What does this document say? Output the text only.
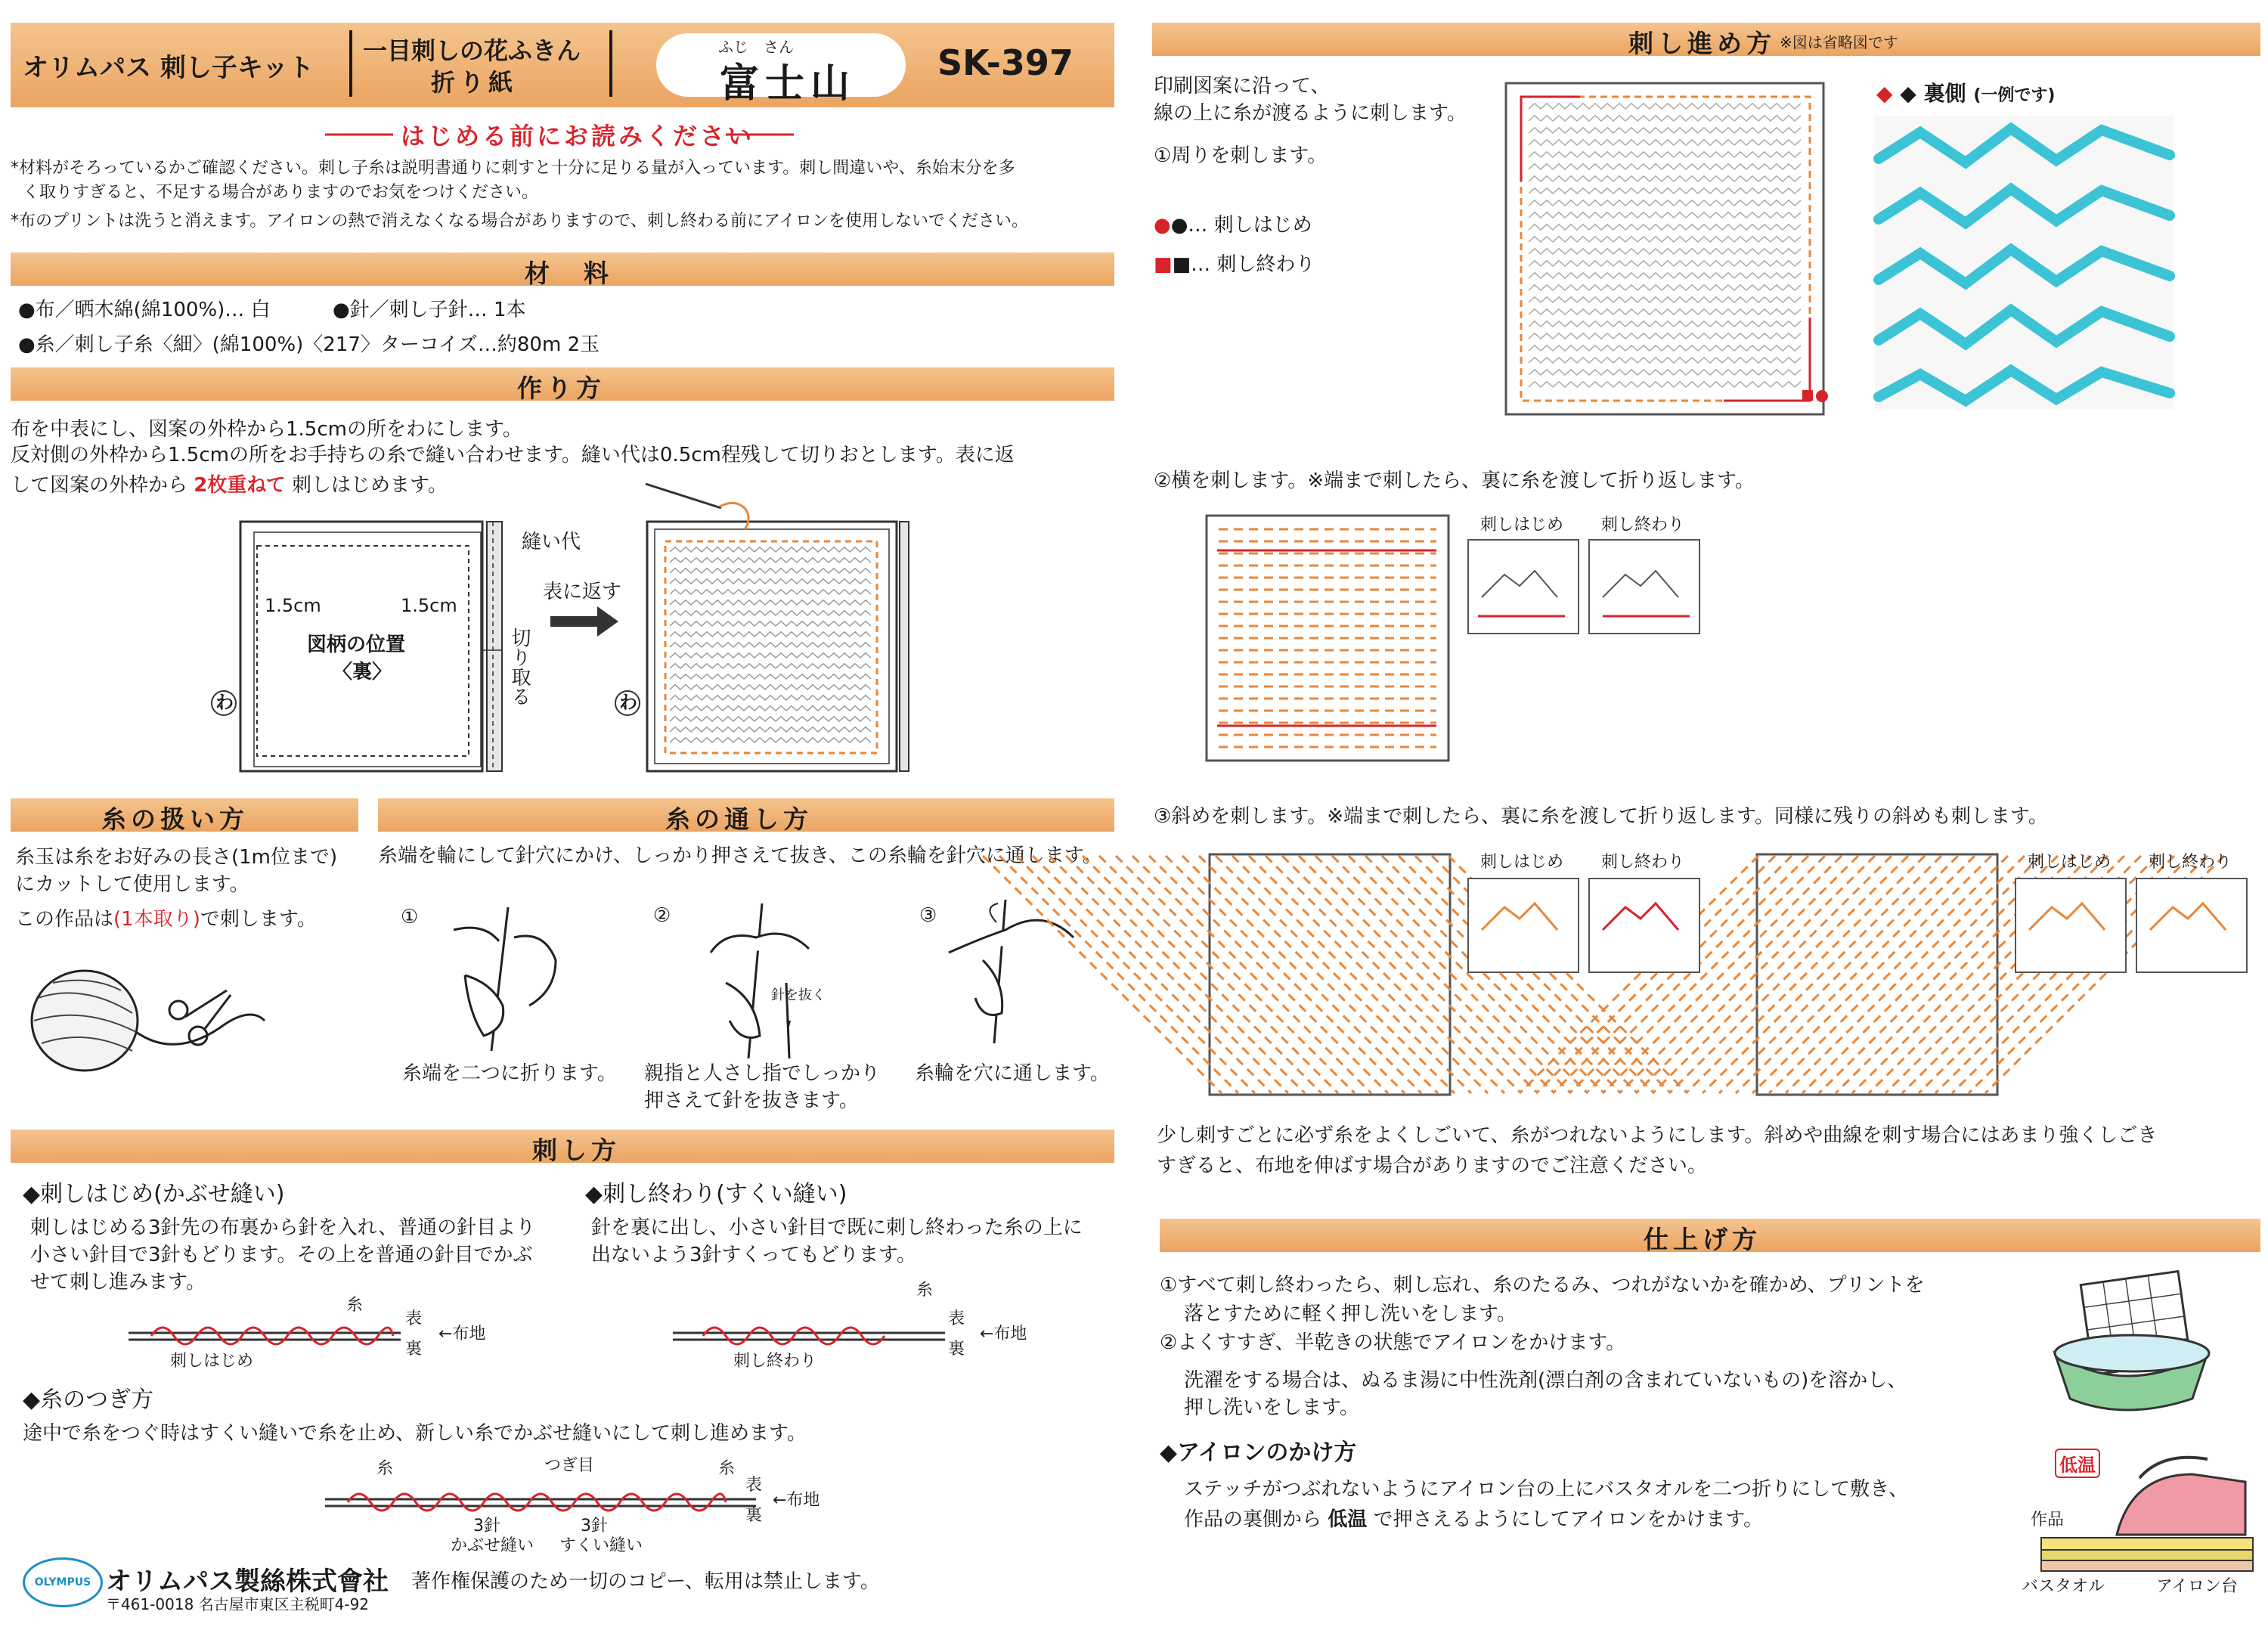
オリムパス 刺し子キット
一目刺しの花ふきん
折り紙
ふじ　さん
富士山 SK-397
はじめる前にお読みください
*材料がそろっているかご確認ください。刺し子糸は説明書通りに刺すと十分に足りる量が入っています。刺し間違いや、糸始末分を多
く取りすぎると、不足する場合がありますのでお気をつけください。
*布のプリントは洗うと消えます。アイロンの熱で消えなくなる場合がありますので、刺し終わる前にアイロンを使用しないでください。
材　料
●布／晒木綿(綿100%)… 白	●針／刺し子針… 1本
●糸／刺し子糸〈細〉(綿100%)〈217〉ターコイズ…約80m 2玉
作り方
布を中表にし、図案の外枠から1.5cmの所をわにします。
反対側の外枠から1.5cmの所をお手持ちの糸で縫い合わせます。縫い代は0.5cm程残して切りおとします。表に返
して図案の外枠から 2枚重ねて 刺しはじめます。
縫い代
1.5cm	1.5cm
図柄の位置
〈裏〉	切り取る
表に返す
わ	わ
糸の扱い方
糸玉は糸をお好みの長さ(1m位まで)
にカットして使用します。
この作品は(1本取り)で刺します。
糸の通し方
糸端を輪にして針穴にかけ、しっかり押さえて抜き、この糸輪を針穴に通します。
①	②	③
針を抜く
糸端を二つに折ります。 親指と人さし指でしっかり
押さえて針を抜きます。
糸輪を穴に通します。
刺し方
◆刺しはじめ(かぶせ縫い)
刺しはじめる3針先の布裏から針を入れ、普通の針目より
小さい針目で3針もどります。その上を普通の針目でかぶ
せて刺し進みます。
◆刺し終わり(すくい縫い)
針を裏に出し、小さい針目で既に刺し終わった糸の上に
出ないよう3針すくってもどります。
糸
表
裏
←布地
刺しはじめ
糸
表
裏
←布地
刺し終わり
◆糸のつぎ方
途中で糸をつぐ時はすくい縫いで糸を止め、新しい糸でかぶせ縫いにして刺し進めます。
糸	つぎ目	糸
表
裏
←布地
3針
かぶせ縫い
3針
すくい縫い
OLYMPUS オリムパス製絲株式會社
〒461-0018 名古屋市東区主税町4-92
著作権保護のため一切のコピー、転用は禁止します。
刺し進め方 ※図は省略図です
印刷図案に沿って、
線の上に糸が渡るように刺します。
①周りを刺します。
●●… 刺しはじめ
■■… 刺し終わり
◆ ◆ 裏側 (一例です)
②横を刺します。※端まで刺したら、裏に糸を渡して折り返します。
刺しはじめ 刺し終わり
③斜めを刺します。※端まで刺したら、裏に糸を渡して折り返します。同様に残りの斜めも刺します。
刺しはじめ 刺し終わり	刺しはじめ 刺し終わり
少し刺すごとに必ず糸をよくしごいて、糸がつれないようにします。斜めや曲線を刺す場合にはあまり強くしごき
すぎると、布地を伸ばす場合がありますのでご注意ください。
仕上げ方
①すべて刺し終わったら、刺し忘れ、糸のたるみ、つれがないかを確かめ、プリントを
落とすために軽く押し洗いをします。
②よくすすぎ、半乾きの状態でアイロンをかけます。
洗濯をする場合は、ぬるま湯に中性洗剤(漂白剤の含まれていないもの)を溶かし、
押し洗いをします。
◆アイロンのかけ方
ステッチがつぶれないようにアイロン台の上にバスタオルを二つ折りにして敷き、
作品の裏側から 低温 で押さえるようにしてアイロンをかけます。
低温
作品
バスタオル	アイロン台
